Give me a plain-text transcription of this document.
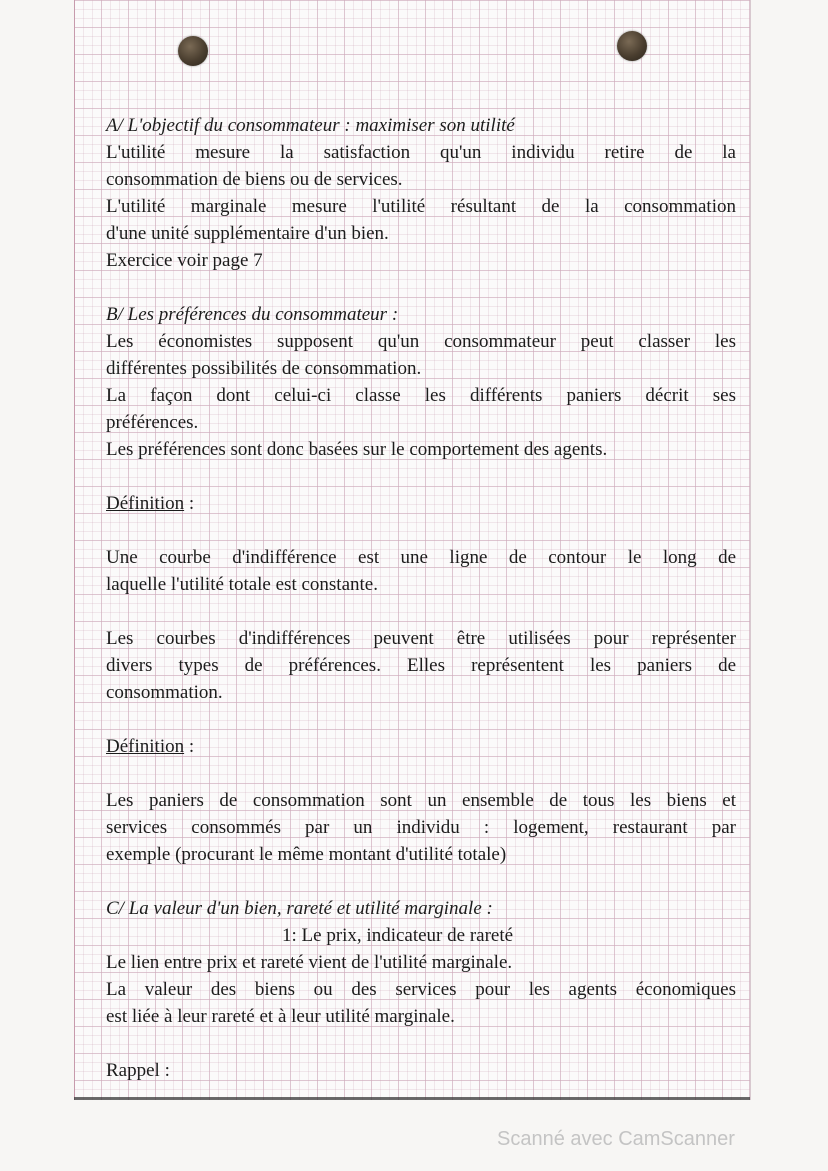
A/ L'objectif du consommateur : maximiser son utilité

L'utilité mesure la satisfaction qu'un individu retire de la

consommation de biens ou de services.

L'utilité marginale mesure l'utilité résultant de la consommation

d'une unité supplémentaire d'un bien.

Exercice voir page 7

B/ Les préférences du consommateur :

Les économistes supposent qu'un consommateur peut classer les

différentes possibilités de consommation.

La façon dont celui-ci classe les différents paniers décrit ses

préférences.

Les préférences sont donc basées sur le comportement des agents.

Définition :

Une courbe d'indifférence est une ligne de contour le long de

laquelle l'utilité totale est constante.

Les courbes d'indifférences peuvent être utilisées pour représenter

divers types de préférences. Elles représentent les paniers de

consommation.

Définition :

Les paniers de consommation sont un ensemble de tous les biens et

services consommés par un individu : logement, restaurant par

exemple (procurant le même montant d'utilité totale)

C/ La valeur d'un bien, rareté et utilité marginale :

1: Le prix, indicateur de rareté

Le lien entre prix et rareté vient de l'utilité marginale.

La valeur des biens ou des services pour les agents économiques

est liée à leur rareté et à leur utilité marginale.

Rappel :

Scanné avec CamScanner
